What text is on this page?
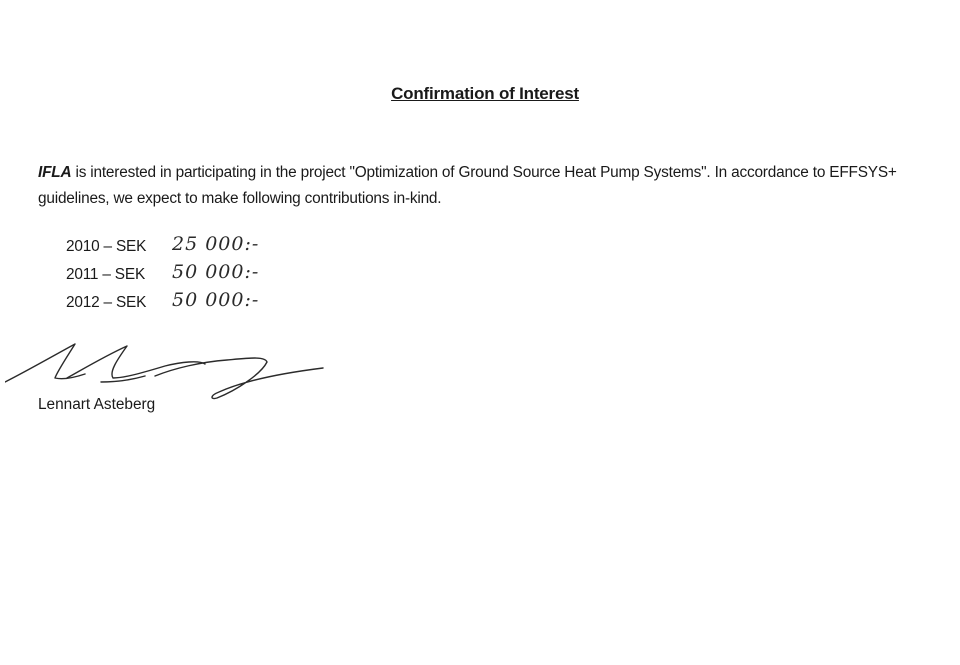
Confirmation of Interest
IFLA is interested in participating in the project "Optimization of Ground Source Heat Pump Systems". In accordance to EFFSYS+ guidelines, we expect to make following contributions in-kind.
2010 – SEK 25 000:-
2011 – SEK 50 000:-
2012 – SEK 50 000:-
Lennart Asteberg
